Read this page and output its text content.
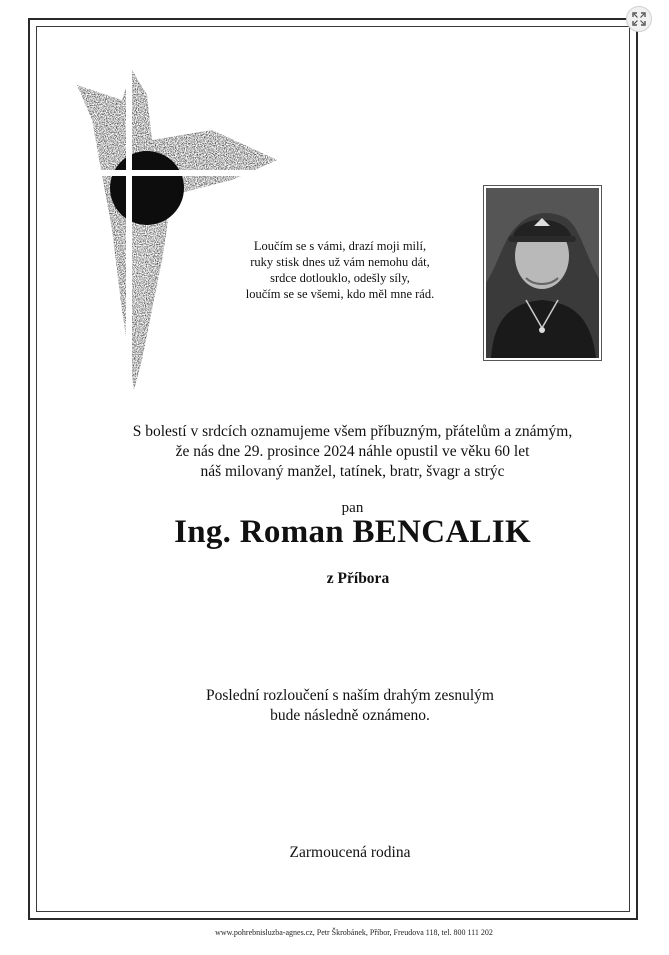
Loučím se s vámi, drazí moji milí,
ruky stisk dnes už vám nemohu dát,
srdce dotlouklo, odešly síly,
loučím se se všemi, kdo měl mne rád.
S bolestí v srdcích oznamujeme všem příbuzným, přátelům a známým,
že nás dne 29. prosince 2024 náhle opustil ve věku 60 let
náš milovaný manžel, tatínek, bratr, švagr a strýc
pan
Ing. Roman BENCALIK
z Příbora
Poslední rozloučení s naším drahým zesnulým
bude následně oznámeno.
Zarmoucená rodina
www.pohrebnisluzba-agnes.cz, Petr Škrobánek, Příbor, Freudova 118, tel. 800 111 202
